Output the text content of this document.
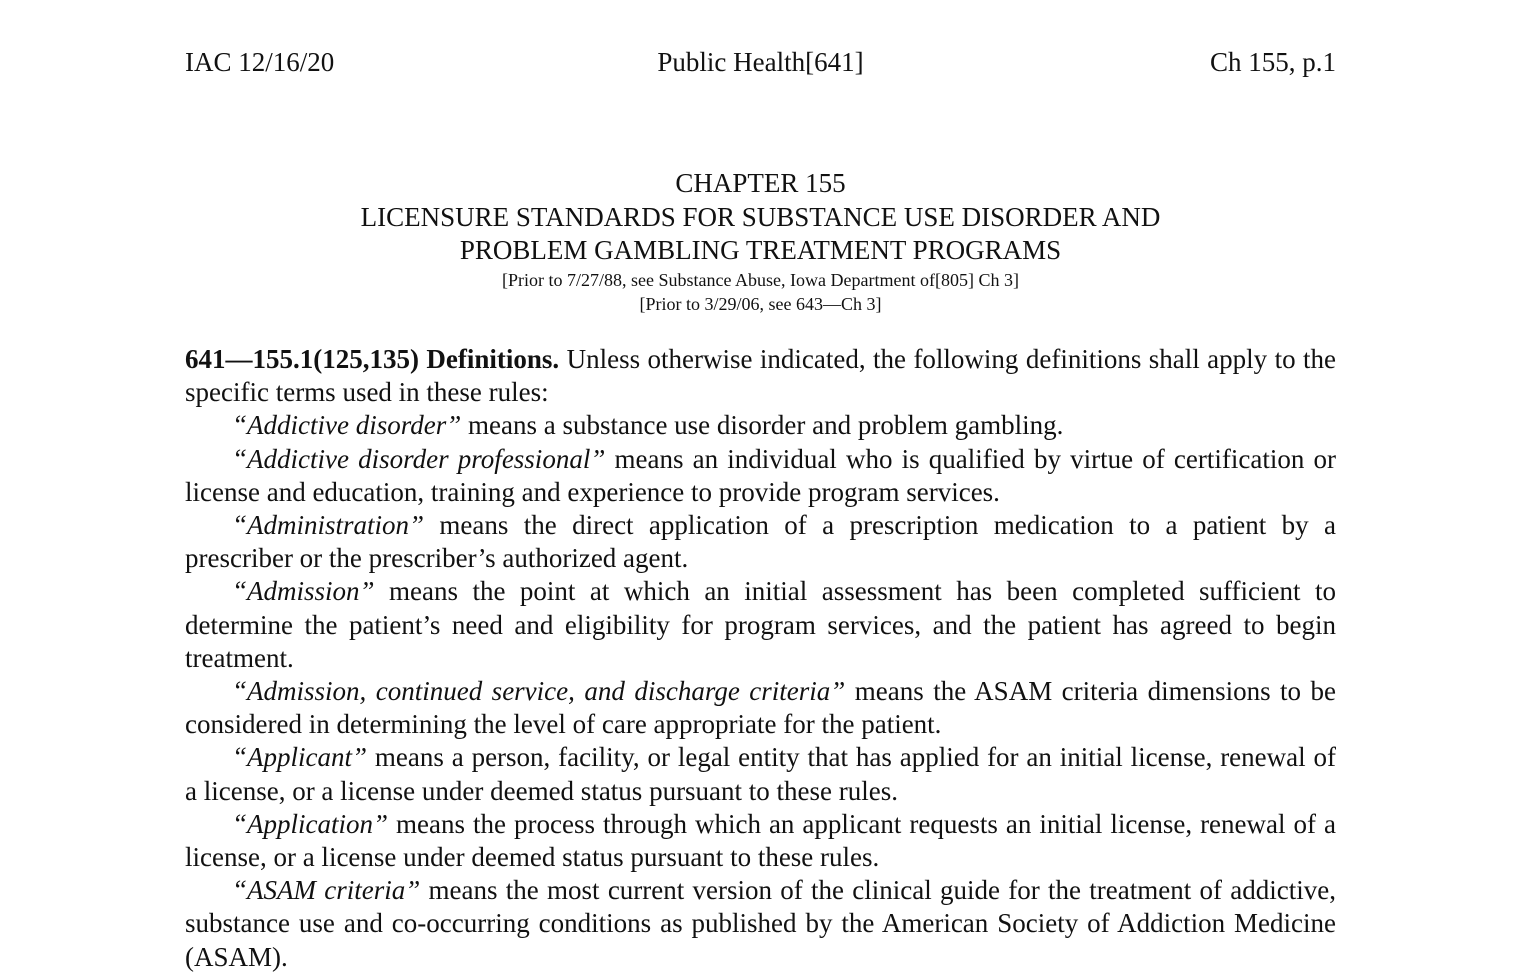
IAC 12/16/20	Public Health[641]	Ch 155, p.1
CHAPTER 155
LICENSURE STANDARDS FOR SUBSTANCE USE DISORDER AND
PROBLEM GAMBLING TREATMENT PROGRAMS
[Prior to 7/27/88, see Substance Abuse, Iowa Department of[805] Ch 3]
[Prior to 3/29/06, see 643—Ch 3]

641—155.1(125,135) Definitions. Unless otherwise indicated, the following definitions shall apply to the specific terms used in these rules:

“Addictive disorder” means a substance use disorder and problem gambling.

“Addictive disorder professional” means an individual who is qualified by virtue of certification or license and education, training and experience to provide program services.

“Administration” means the direct application of a prescription medication to a patient by a prescriber or the prescriber’s authorized agent.

“Admission” means the point at which an initial assessment has been completed sufficient to determine the patient’s need and eligibility for program services, and the patient has agreed to begin treatment.

“Admission, continued service, and discharge criteria” means the ASAM criteria dimensions to be considered in determining the level of care appropriate for the patient.

“Applicant” means a person, facility, or legal entity that has applied for an initial license, renewal of a license, or a license under deemed status pursuant to these rules.

“Application” means the process through which an applicant requests an initial license, renewal of a license, or a license under deemed status pursuant to these rules.

“ASAM criteria” means the most current version of the clinical guide for the treatment of addictive, substance use and co-occurring conditions as published by the American Society of Addiction Medicine (ASAM).
